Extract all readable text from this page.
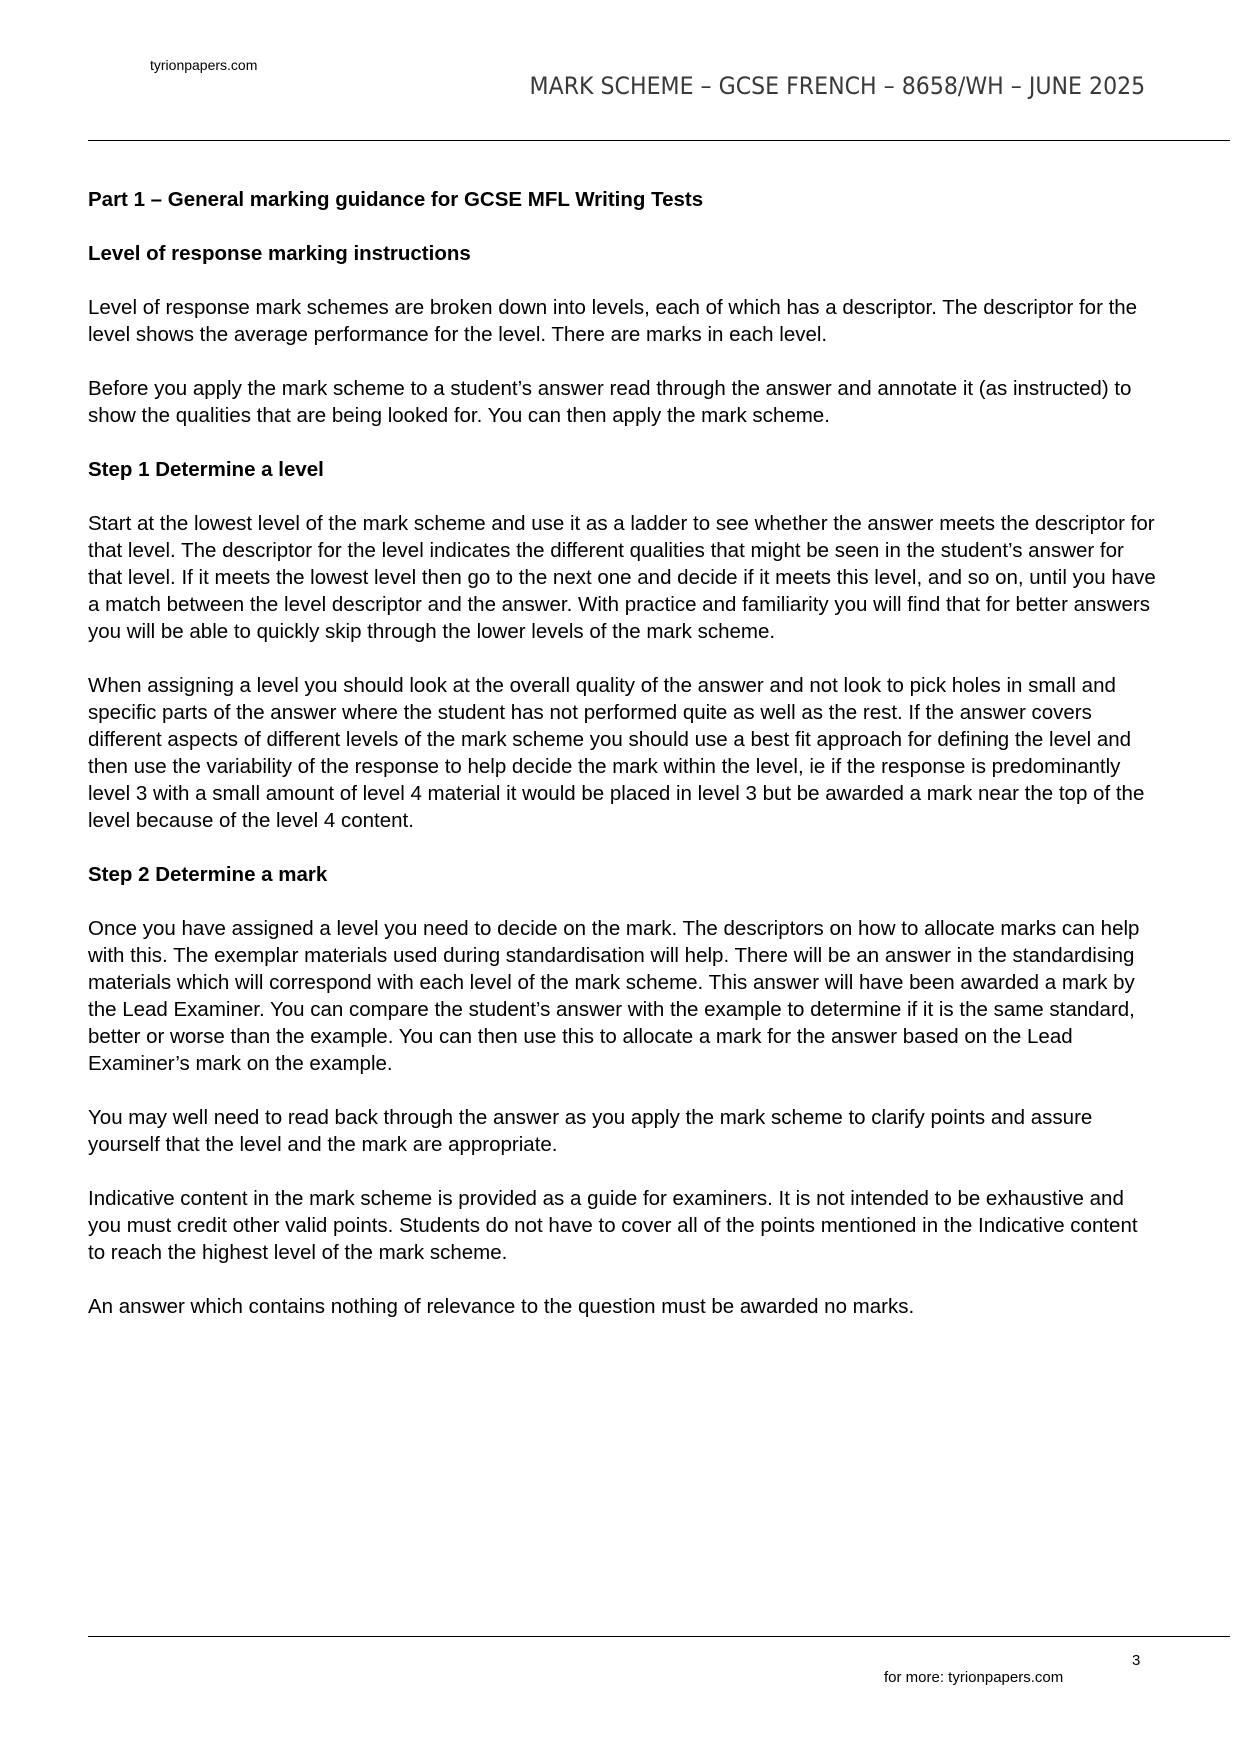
tyrionpapers.com
MARK SCHEME – GCSE FRENCH – 8658/WH – JUNE 2025
Part 1 – General marking guidance for GCSE MFL Writing Tests
Level of response marking instructions

Level of response mark schemes are broken down into levels, each of which has a descriptor. The descriptor for the level shows the average performance for the level. There are marks in each level.

Before you apply the mark scheme to a student’s answer read through the answer and annotate it (as instructed) to show the qualities that are being looked for. You can then apply the mark scheme.

Step 1 Determine a level

Start at the lowest level of the mark scheme and use it as a ladder to see whether the answer meets the descriptor for that level. The descriptor for the level indicates the different qualities that might be seen in the student’s answer for that level. If it meets the lowest level then go to the next one and decide if it meets this level, and so on, until you have a match between the level descriptor and the answer. With practice and familiarity you will find that for better answers you will be able to quickly skip through the lower levels of the mark scheme.

When assigning a level you should look at the overall quality of the answer and not look to pick holes in small and specific parts of the answer where the student has not performed quite as well as the rest. If the answer covers different aspects of different levels of the mark scheme you should use a best fit approach for defining the level and then use the variability of the response to help decide the mark within the level, ie if the response is predominantly level 3 with a small amount of level 4 material it would be placed in level 3 but be awarded a mark near the top of the level because of the level 4 content.

Step 2 Determine a mark

Once you have assigned a level you need to decide on the mark. The descriptors on how to allocate marks can help with this. The exemplar materials used during standardisation will help. There will be an answer in the standardising materials which will correspond with each level of the mark scheme. This answer will have been awarded a mark by the Lead Examiner. You can compare the student’s answer with the example to determine if it is the same standard, better or worse than the example. You can then use this to allocate a mark for the answer based on the Lead Examiner’s mark on the example.

You may well need to read back through the answer as you apply the mark scheme to clarify points and assure yourself that the level and the mark are appropriate.

Indicative content in the mark scheme is provided as a guide for examiners. It is not intended to be exhaustive and you must credit other valid points. Students do not have to cover all of the points mentioned in the Indicative content to reach the highest level of the mark scheme.

An answer which contains nothing of relevance to the question must be awarded no marks.

3
for more: tyrionpapers.com
